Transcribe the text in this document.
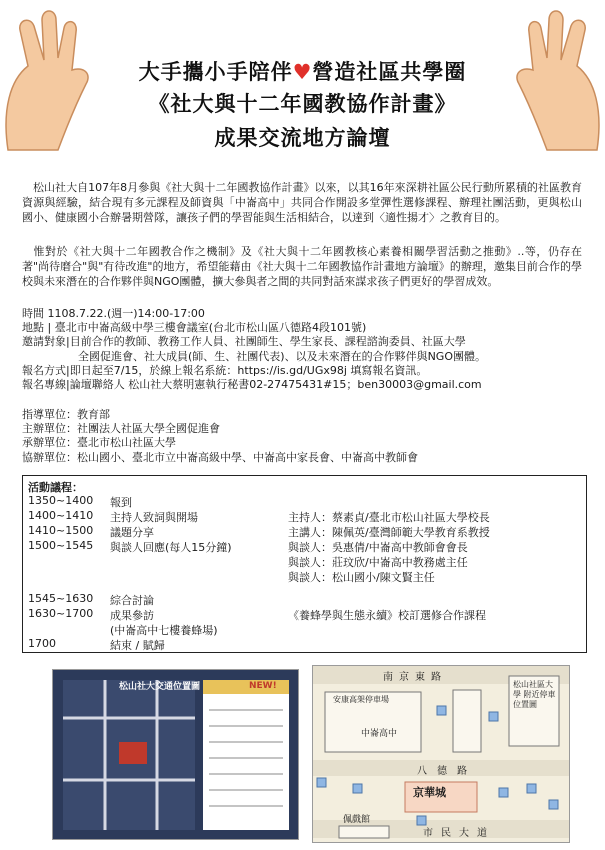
大手攜小手陪伴♥營造社區共學圈
《社大與十二年國教協作計畫》
成果交流地方論壇
　松山社大自107年8月參與《社大與十二年國教協作計畫》以來，以其16年來深耕社區公民行動所累積的社區教育資源與經驗，結合現有多元課程及師資與「中崙高中」共同合作開設多堂彈性選修課程、辦理社團活動，更與松山國小、健康國小合辦暑期營隊，讓孩子們的學習能與生活相結合，以達到〈適性揚才〉之教育目的。
　惟對於《社大與十二年國教合作之機制》及《社大與十二年國教核心素養相關學習活動之推動》..等，仍存在著"尚待磨合"與"有待改進"的地方，希望能藉由《社大與十二年國教協作計畫地方論壇》的辦理，邀集目前合作的學校與未來潛在的合作夥伴與NGO團體，擴大參與者之間的共同對話來謀求孩子們更好的學習成效。
時間 1108.7.22.(週一)14:00-17:00
地點 | 臺北市中崙高級中學三樓會議室(台北市松山區八德路4段101號)
邀請對象|目前合作的教師、教務工作人員、社團師生、學生家長、課程諮詢委員、社區大學
全國促進會、社大成員(師、生、社團代表)、以及未來潛在的合作夥伴與NGO團體。
報名方式|即日起至7/15，於線上報名系統：https://is.gd/UGx98j 填寫報名資訊。
報名專線|論壇聯絡人 松山社大蔡明憲執行秘書02-27475431#15；ben30003@gmail.com
指導單位：教育部
主辦單位：社團法人社區大學全國促進會
承辦單位：臺北市松山社區大學
協辦單位：松山國小、臺北市立中崙高級中學、中崙高中家長會、中崙高中教師會
活動議程：
1350~1400 報到
1400~1410 主持人致詞與開場	主持人：蔡素貞/臺北市松山社區大學校長
1410~1500 議題分享	主講人：陳佩英/臺灣師範大學教育系教授
1500~1545 與談人回應(每人15分鐘)	與談人：吳惠倩/中崙高中教師會會長
與談人：莊玟欣/中崙高中教務處主任
與談人：松山國小/陳文賢主任
1545~1630 綜合討論
1630~1700 成果參訪	《養蜂學與生態永續》校訂選修合作課程
(中崙高中七樓養蜂場)
1700	結束 / 賦歸
松山社大交通位置圖	NEW!
南京東路
松山社區大學 附近停車位置圖
安康高架停車場
中崙高中
八德路
京華城
佩戲館
市民大道
